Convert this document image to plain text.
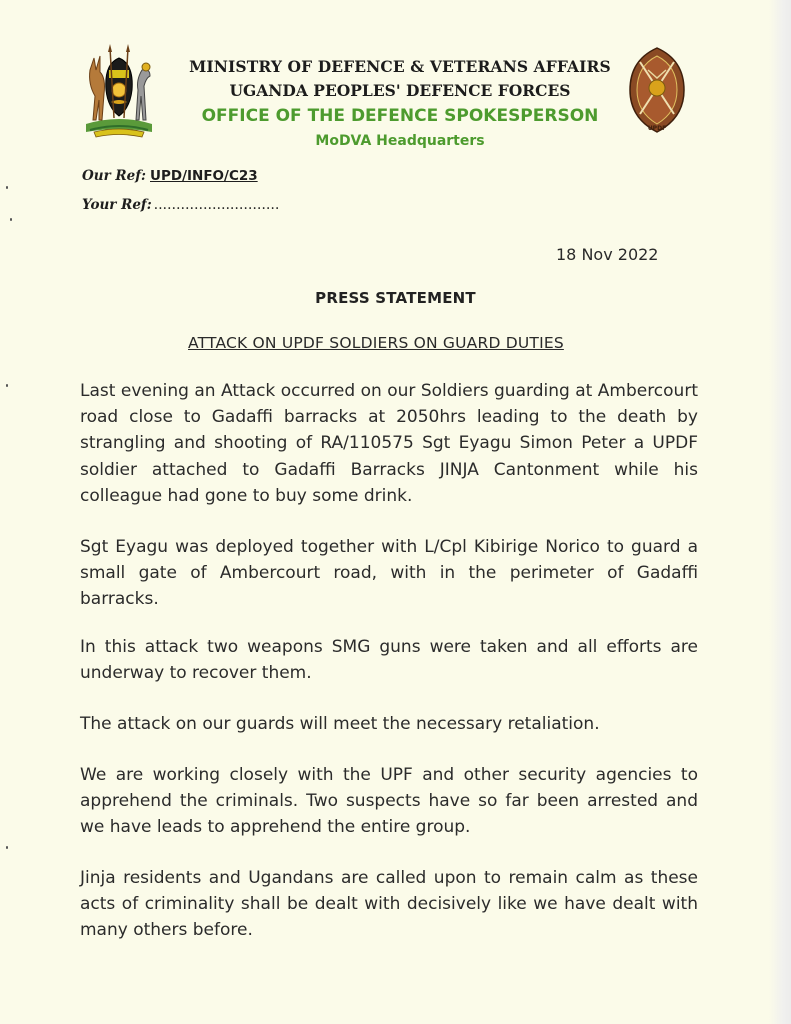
UPDF
MINISTRY OF DEFENCE & VETERANS AFFAIRS
UGANDA PEOPLES' DEFENCE FORCES
OFFICE OF THE DEFENCE SPOKESPERSON
MoDVA Headquarters
Our Ref: UPD/INFO/C23
Your Ref: ............................
18 Nov 2022
PRESS STATEMENT
ATTACK ON UPDF SOLDIERS ON GUARD DUTIES

Last evening an Attack occurred on our Soldiers guarding at Ambercourt road close to Gadaffi barracks at 2050hrs leading to the death by strangling and shooting of RA/110575 Sgt Eyagu Simon Peter a UPDF soldier attached to Gadaffi Barracks JINJA Cantonment while his colleague had gone to buy some drink.

Sgt Eyagu was deployed together with L/Cpl Kibirige Norico to guard a small gate of Ambercourt road, with in the perimeter of Gadaffi barracks.

In this attack two weapons SMG guns were taken and all efforts are underway to recover them.

The attack on our guards will meet the necessary retaliation.

We are working closely with the UPF and other security agencies to apprehend the criminals. Two suspects have so far been arrested and we have leads to apprehend the entire group.

Jinja residents and Ugandans are called upon to remain calm as these acts of criminality shall be dealt with decisively like we have dealt with many others before.
